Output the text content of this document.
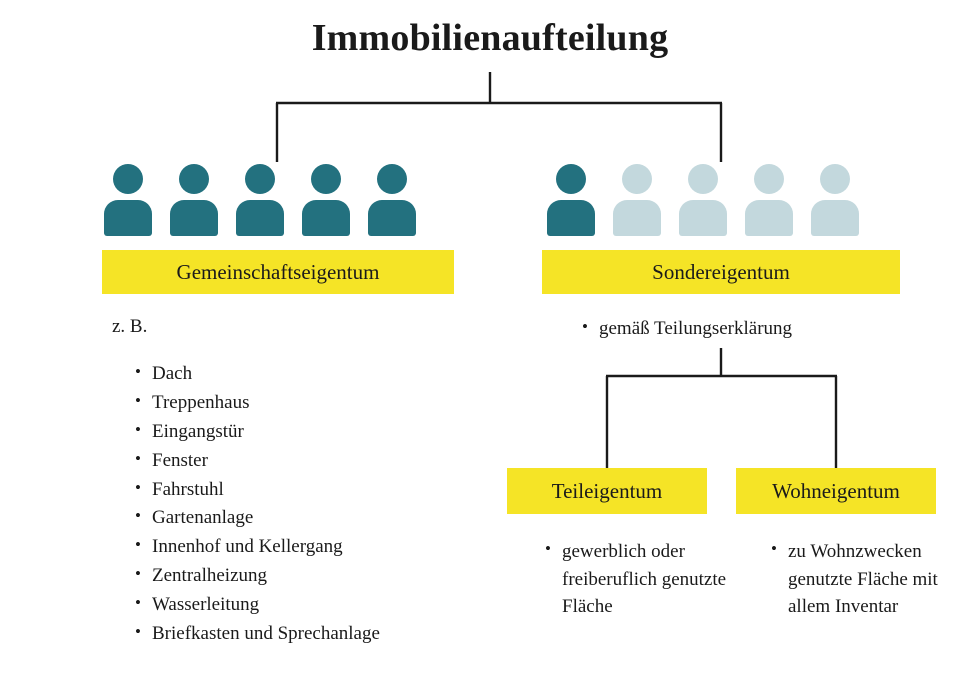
Immobilienaufteilung
Gemeinschaftseigentum
z. B.
• Dach
• Treppenhaus
• Eingangstür
• Fenster
• Fahrstuhl
• Gartenanlage
• Innenhof und Kellergang
• Zentralheizung
• Wasserleitung
• Briefkasten und Sprechanlage
Sondereigentum
• gemäß Teilungserklärung
Teileigentum
• gewerblich oder freiberuflich genutzte Fläche
Wohneigentum
• zu Wohnzwecken genutzte Fläche mit allem Inventar
